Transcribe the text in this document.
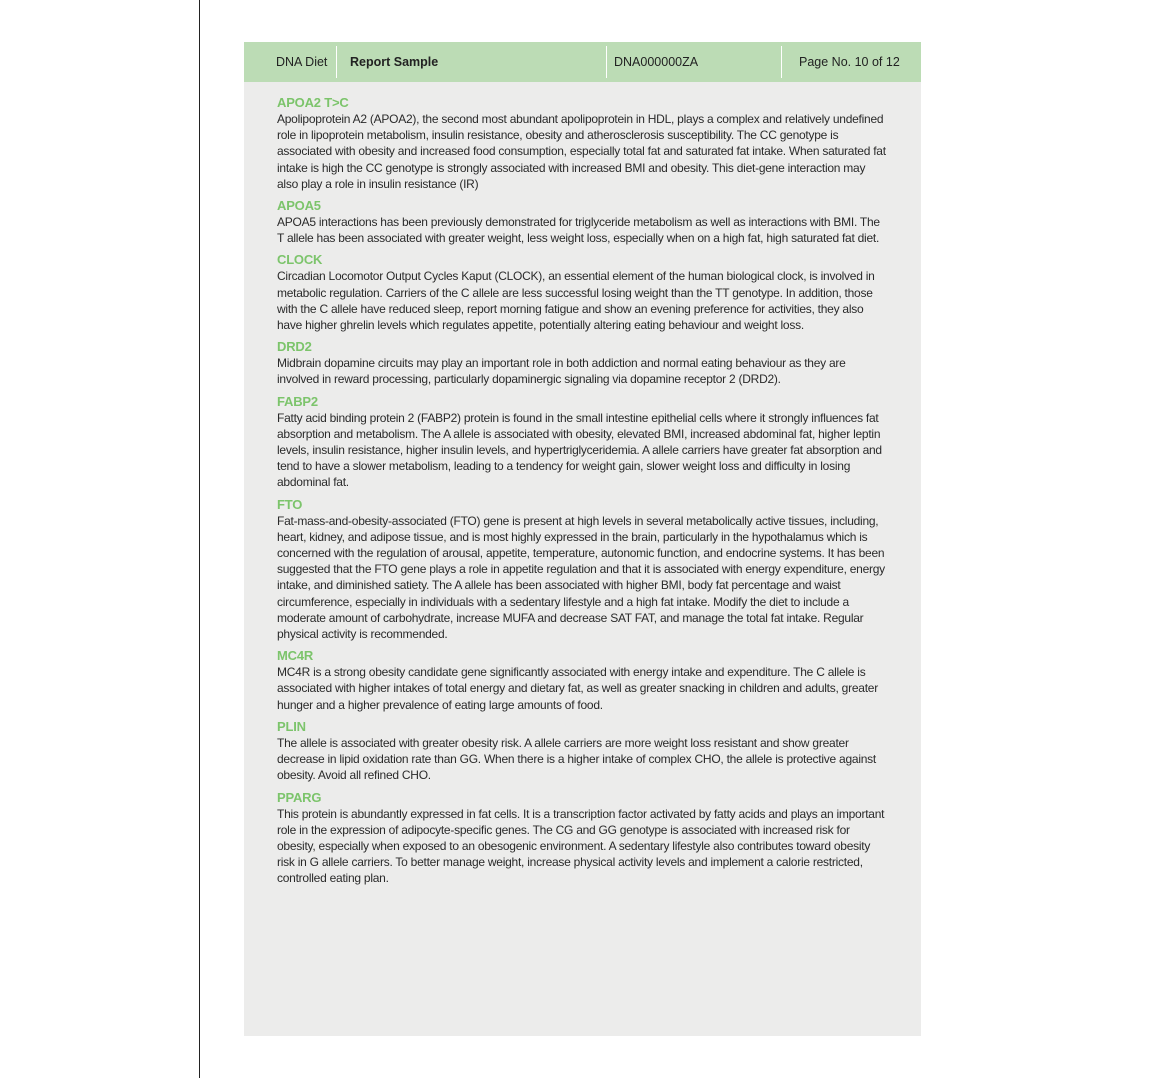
DNA Diet	Report Sample	DNA000000ZA	Page No. 10 of 12
APOA2 T>C
Apolipoprotein A2 (APOA2), the second most abundant apolipoprotein in HDL, plays a complex and relatively undefined role in lipoprotein metabolism, insulin resistance, obesity and atherosclerosis susceptibility. The CC genotype is associated with obesity and increased food consumption, especially total fat and saturated fat intake. When saturated fat intake is high the CC genotype is strongly associated with increased BMI and obesity. This diet-gene interaction may also play a role in insulin resistance (IR)
APOA5
APOA5 interactions has been previously demonstrated for triglyceride metabolism as well as interactions with BMI. The T allele has been associated with greater weight, less weight loss, especially when on a high fat, high saturated fat diet.
CLOCK
Circadian Locomotor Output Cycles Kaput (CLOCK), an essential element of the human biological clock, is involved in metabolic regulation. Carriers of the C allele are less successful losing weight than the TT genotype. In addition, those with the C allele have reduced sleep, report morning fatigue and show an evening preference for activities, they also have higher ghrelin levels which regulates appetite, potentially altering eating behaviour and weight loss.
DRD2
Midbrain dopamine circuits may play an important role in both addiction and normal eating behaviour as they are involved in reward processing, particularly dopaminergic signaling via dopamine receptor 2 (DRD2).
FABP2
Fatty acid binding protein 2 (FABP2) protein is found in the small intestine epithelial cells where it strongly influences fat absorption and metabolism. The A allele is associated with obesity, elevated BMI, increased abdominal fat, higher leptin levels, insulin resistance, higher insulin levels, and hypertriglyceridemia. A allele carriers have greater fat absorption and tend to have a slower metabolism, leading to a tendency for weight gain, slower weight loss and difficulty in losing abdominal fat.
FTO
Fat-mass-and-obesity-associated (FTO) gene is present at high levels in several metabolically active tissues, including, heart, kidney, and adipose tissue, and is most highly expressed in the brain, particularly in the hypothalamus which is concerned with the regulation of arousal, appetite, temperature, autonomic function, and endocrine systems. It has been suggested that the FTO gene plays a role in appetite regulation and that it is associated with energy expenditure, energy intake, and diminished satiety. The A allele has been associated with higher BMI, body fat percentage and waist circumference, especially in individuals with a sedentary lifestyle and a high fat intake. Modify the diet to include a moderate amount of carbohydrate, increase MUFA and decrease SAT FAT, and manage the total fat intake. Regular physical activity is recommended.
MC4R
MC4R is a strong obesity candidate gene significantly associated with energy intake and expenditure. The C allele is associated with higher intakes of total energy and dietary fat, as well as greater snacking in children and adults, greater hunger and a higher prevalence of eating large amounts of food.
PLIN
The allele is associated with greater obesity risk. A allele carriers are more weight loss resistant and show greater decrease in lipid oxidation rate than GG. When there is a higher intake of complex CHO, the allele is protective against obesity. Avoid all refined CHO.
PPARG
This protein is abundantly expressed in fat cells. It is a transcription factor activated by fatty acids and plays an important role in the expression of adipocyte-specific genes. The CG and GG genotype is associated with increased risk for obesity, especially when exposed to an obesogenic environment. A sedentary lifestyle also contributes toward obesity risk in G allele carriers. To better manage weight, increase physical activity levels and implement a calorie restricted, controlled eating plan.
